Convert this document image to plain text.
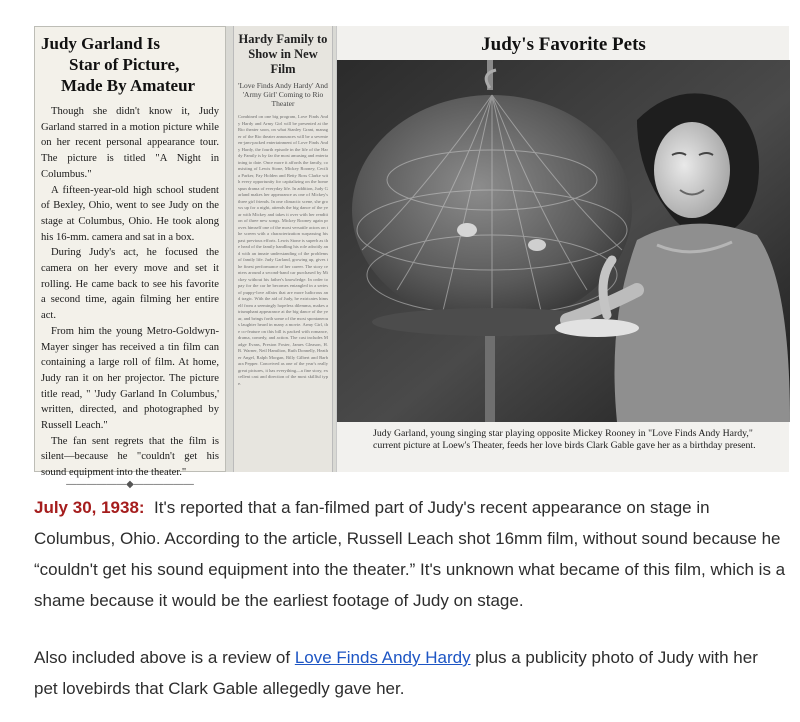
Judy Garland Is
Star of Picture,
Made By Amateur

Though she didn't know it, Judy Garland starred in a motion picture while on her recent personal appearance tour. The picture is titled "A Night in Columbus."

A fifteen-year-old high school student of Bexley, Ohio, went to see Judy on the stage at Columbus, Ohio. He took along his 16-mm. camera and sat in a box.

During Judy's act, he focused the camera on her every move and set it rolling. He came back to see his favorite a second time, again filming her entire act.

From him the young Metro-Goldwyn-Mayer singer has received a tin film can containing a large roll of film. At home, Judy ran it on her projector. The picture title read, " 'Judy Garland In Columbus,' written, directed, and photographed by Russell Leach."

The fan sent regrets that the film is silent—because he "couldn't get his sound equipment into the theater."

——————◆——————
Hardy Family to
Show in New Film
'Love Finds Andy Hardy' And 'Army Girl' Coming to Rio Theater
Combined on one big program, Love Finds Andy Hardy and Army Girl will be presented at the Rio theater soon, on what Stanley Grant, manager of the Rio theater announces will be a seventeen-jam-packed entertainment of Love Finds Andy Hardy, the fourth episode in the life of the Hardy Family is by far the most amusing and entertaining to date. Once more it affords the family, consisting of Lewis Stone, Mickey Rooney, Cecilia Parker, Fay Holden and Betty Ross Clarke with every opportunity for capitalizing on the homespun drama of everyday life. In addition, Judy Garland makes her appearance as one of Mickey's three girl friends. In one climactic scene, she grows up for a night, attends the big dance of the year with Mickey and takes it over with her rendition of three new songs. Mickey Rooney again proves himself one of the most versatile actors on the screen with a characterization surpassing his past previous efforts. Lewis Stone is superb as the head of the family handling his role adroitly and with an innate understanding of the problems of family life. Judy Garland, growing up, gives the finest performance of her career. The story centers around a second-hand car purchased by Mickey without his father's knowledge. In order to pay for the car he becomes entangled in a series of puppy-love affairs that are more ludicrous and tragic. With the aid of Judy, he extricates himself from a seemingly hopeless dilemma, makes a triumphant appearance at the big dance of the year, and brings forth some of the most spontaneous laughter heard in many a movie. Army Girl, the co-feature on this bill is packed with romance, drama, comedy, and action. The cast includes Madge Evans, Preston Foster, James Gleason, H. B. Warner, Neil Hamilton, Ruth Donnelly, Heather Angel, Ralph Morgan, Billy Gilbert and Barbara Pepper. Conceived as one of the year's really great pictures, it has everything—a fine story, excellent cast and direction of the most skillful type.
Judy's Favorite Pets
Judy Garland, young singing star playing opposite Mickey Rooney in "Love Finds Andy Hardy," current picture at Loew's Theater, feeds her love birds Clark Gable gave her as a birthday present.

July 30, 1938: It's reported that a fan-filmed part of Judy's recent appearance on stage in Columbus, Ohio. According to the article, Russell Leach shot 16mm film, without sound because he “couldn't get his sound equipment into the theater.” It's unknown what became of this film, which is a shame because it would be the earliest footage of Judy on stage.

Also included above is a review of Love Finds Andy Hardy plus a publicity photo of Judy with her pet lovebirds that Clark Gable allegedly gave her.
